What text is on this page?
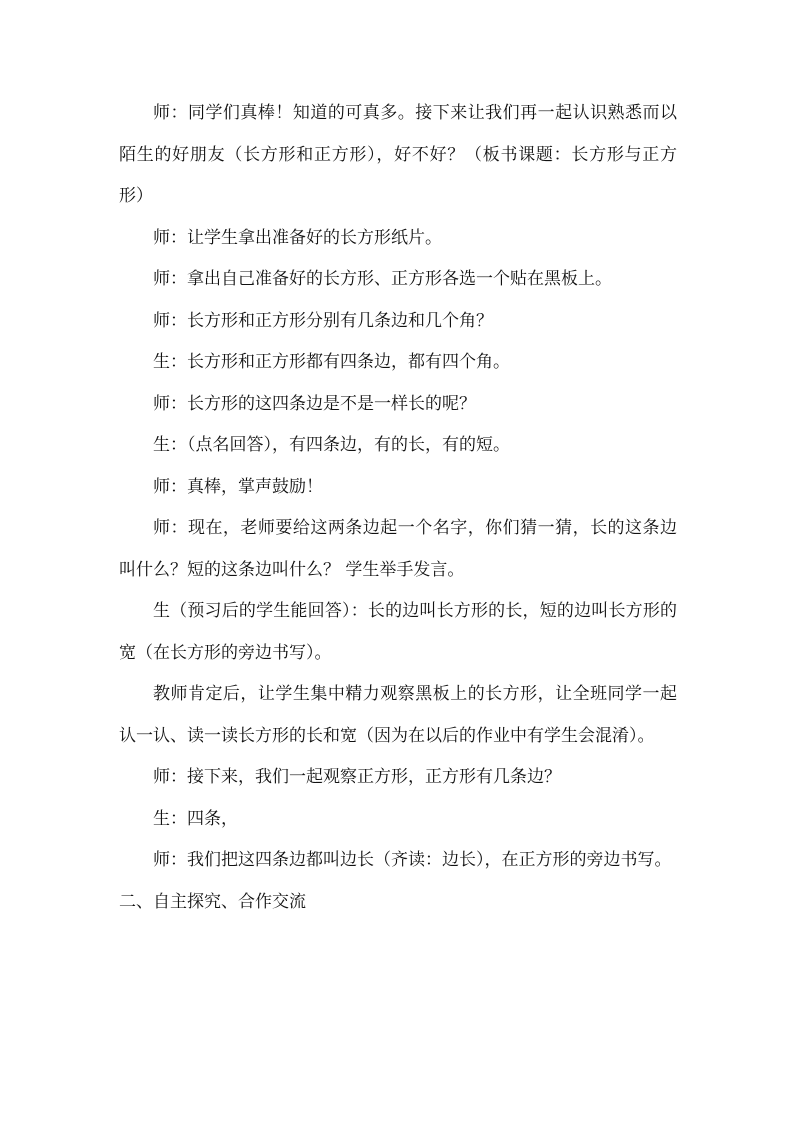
师：同学们真棒！知道的可真多。接下来让我们再一起认识熟悉而以陌生的好朋友（长方形和正方形），好不好？（板书课题：长方形与正方形）

师：让学生拿出准备好的长方形纸片。

师：拿出自己准备好的长方形、正方形各选一个贴在黑板上。

师：长方形和正方形分别有几条边和几个角？

生：长方形和正方形都有四条边，都有四个角。

师：长方形的这四条边是不是一样长的呢？

生：（点名回答），有四条边，有的长，有的短。

师：真棒，掌声鼓励！

师：现在，老师要给这两条边起一个名字，你们猜一猜，长的这条边叫什么？短的这条边叫什么？ 学生举手发言。

生（预习后的学生能回答）：长的边叫长方形的长，短的边叫长方形的宽（在长方形的旁边书写）。

教师肯定后，让学生集中精力观察黑板上的长方形，让全班同学一起认一认、读一读长方形的长和宽（因为在以后的作业中有学生会混淆）。

师：接下来，我们一起观察正方形，正方形有几条边？

生：四条，

师：我们把这四条边都叫边长（齐读：边长），在正方形的旁边书写。

二、自主探究、合作交流
